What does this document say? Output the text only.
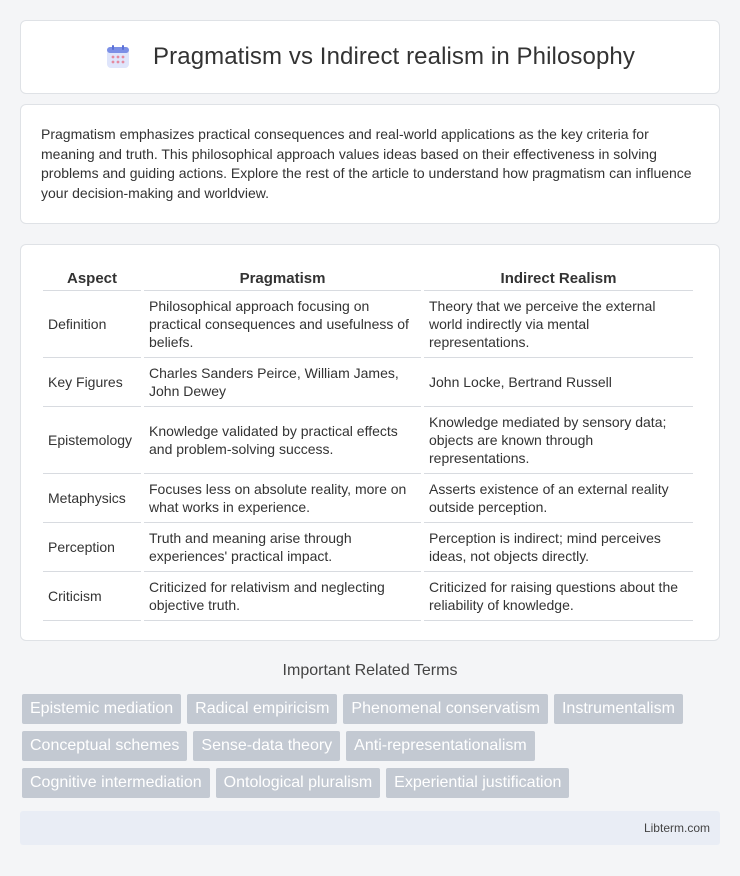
Pragmatism vs Indirect realism in Philosophy

Pragmatism emphasizes practical consequences and real-world applications as the key criteria for meaning and truth. This philosophical approach values ideas based on their effectiveness in solving problems and guiding actions. Explore the rest of the article to understand how pragmatism can influence your decision-making and worldview.

Aspect	Pragmatism	Indirect Realism
Definition	Philosophical approach focusing on practical consequences and usefulness of beliefs.	Theory that we perceive the external world indirectly via mental representations.
Key Figures	Charles Sanders Peirce, William James, John Dewey	John Locke, Bertrand Russell
Epistemology	Knowledge validated by practical effects and problem-solving success.	Knowledge mediated by sensory data; objects are known through representations.
Metaphysics	Focuses less on absolute reality, more on what works in experience.	Asserts existence of an external reality outside perception.
Perception	Truth and meaning arise through experiences' practical impact.	Perception is indirect; mind perceives ideas, not objects directly.
Criticism	Criticized for relativism and neglecting objective truth.	Criticized for raising questions about the reliability of knowledge.
Important Related Terms
Epistemic mediation	Radical empiricism	Phenomenal conservatism	Instrumentalism
Conceptual schemes	Sense-data theory	Anti-representationalism
Cognitive intermediation	Ontological pluralism	Experiential justification
Libterm.com
